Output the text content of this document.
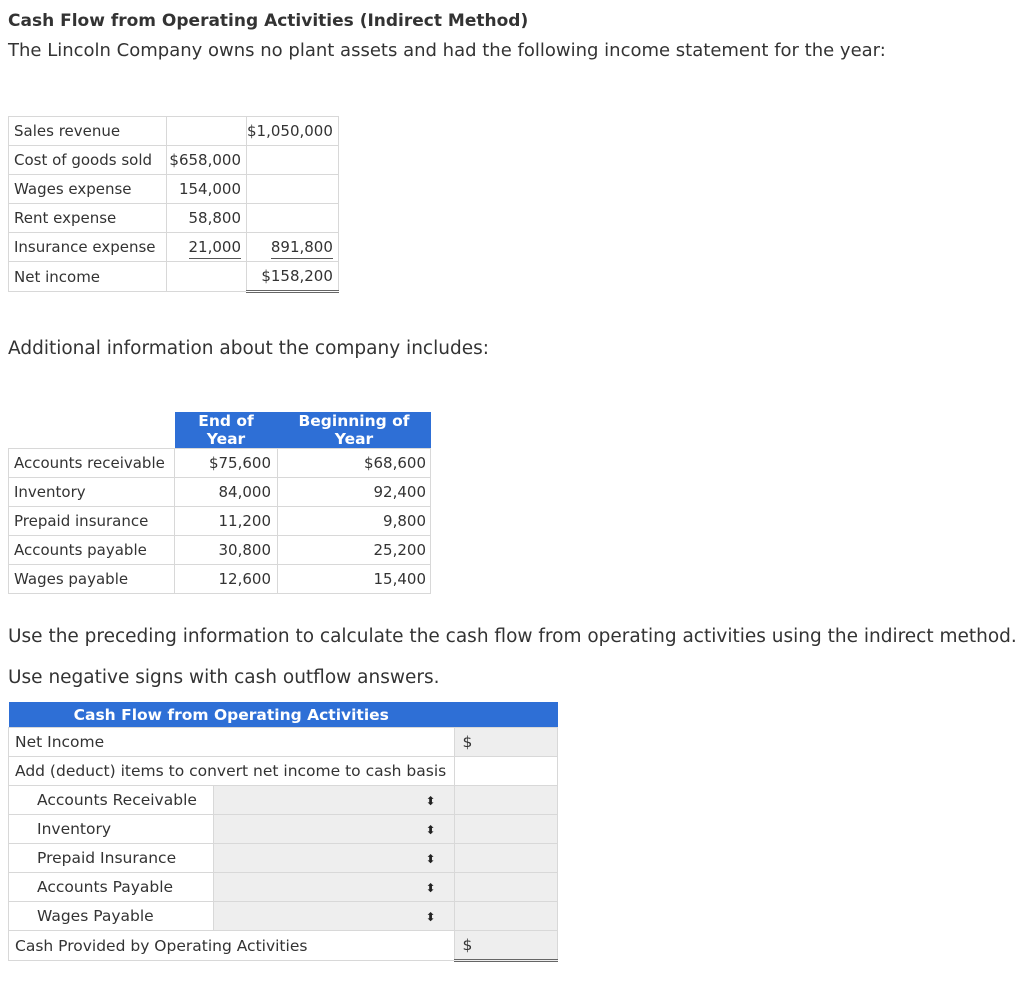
Cash Flow from Operating Activities (Indirect Method)
The Lincoln Company owns no plant assets and had the following income statement for the year:
Sales revenue		$1,050,000
Cost of goods sold	$658,000	
Wages expense	154,000	
Rent expense	58,800	
Insurance expense	21,000	891,800
Net income		$158,200
Additional information about the company includes:
	End of Year	Beginning of Year
Accounts receivable	$75,600	$68,600
Inventory	84,000	92,400
Prepaid insurance	11,200	9,800
Accounts payable	30,800	25,200
Wages payable	12,600	15,400
Use the preceding information to calculate the cash flow from operating activities using the indirect method.
Use negative signs with cash outflow answers.
Cash Flow from Operating Activities		
Net Income		$
Add (deduct) items to convert net income to cash basis		
Accounts Receivable	⬍	
Inventory	⬍	
Prepaid Insurance	⬍	
Accounts Payable	⬍	
Wages Payable	⬍	
Cash Provided by Operating Activities		$
